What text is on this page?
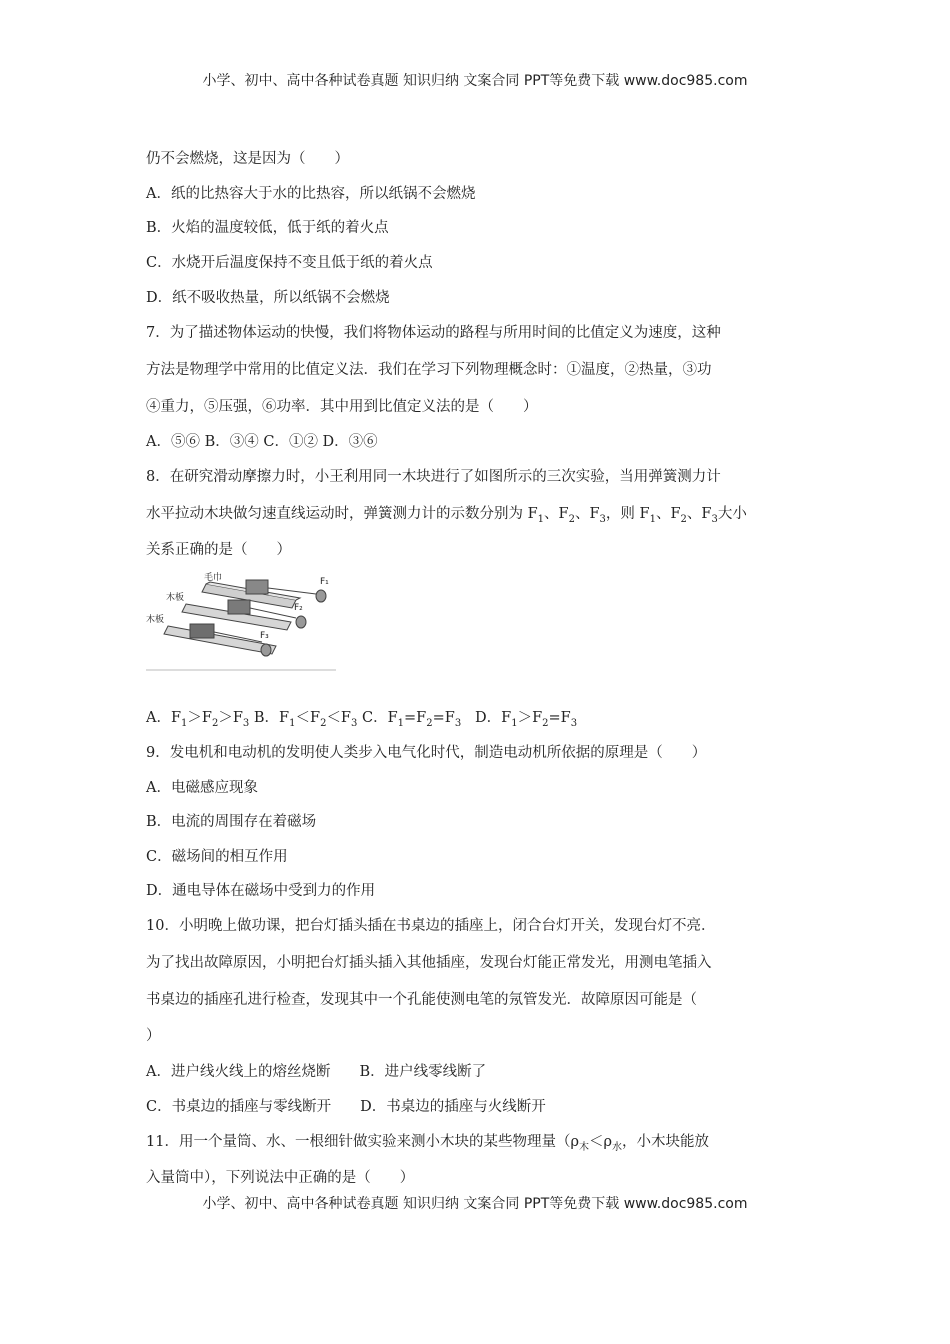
小学、初中、高中各种试卷真题 知识归纳 文案合同 PPT等免费下载 www.doc985.com
仍不会燃烧，这是因为（　　）
A．纸的比热容大于水的比热容，所以纸锅不会燃烧
B．火焰的温度较低，低于纸的着火点
C．水烧开后温度保持不变且低于纸的着火点
D．纸不吸收热量，所以纸锅不会燃烧
7．为了描述物体运动的快慢，我们将物体运动的路程与所用时间的比值定义为速度，这种
方法是物理学中常用的比值定义法．我们在学习下列物理概念时：①温度，②热量，③功
④重力，⑤压强，⑥功率．其中用到比值定义法的是（　　）
A．⑤⑥ B．③④ C．①② D．③⑥
8．在研究滑动摩擦力时，小王利用同一木块进行了如图所示的三次实验，当用弹簧测力计
水平拉动木块做匀速直线运动时，弹簧测力计的示数分别为 $F_1$、$F_2$、$F_3$，则 $F_1$、$F_2$、$F_3$大小
关系正确的是（　　）
毛巾
木板
木板
F₁
F₂
F₃
A．$F_1>F_2>F_3$ B．$F_1<F_2<F_3$ C．$F_1=F_2=F_3$ D．$F_1>F_2=F_3$
9．发电机和电动机的发明使人类步入电气化时代，制造电动机所依据的原理是（　　）
A．电磁感应现象
B．电流的周围存在着磁场
C．磁场间的相互作用
D．通电导体在磁场中受到力的作用
10．小明晚上做功课，把台灯插头插在书桌边的插座上，闭合台灯开关，发现台灯不亮．
为了找出故障原因，小明把台灯插头插入其他插座，发现台灯能正常发光，用测电笔插入
书桌边的插座孔进行检查，发现其中一个孔能使测电笔的氖管发光．故障原因可能是（
）
A．进户线火线上的熔丝烧断　　B．进户线零线断了
C．书桌边的插座与零线断开　　D．书桌边的插座与火线断开
11．用一个量筒、水、一根细针做实验来测小木块的某些物理量（$\rho_木<\rho_水$，小木块能放
入量筒中），下列说法中正确的是（　　）
小学、初中、高中各种试卷真题 知识归纳 文案合同 PPT等免费下载 www.doc985.com
